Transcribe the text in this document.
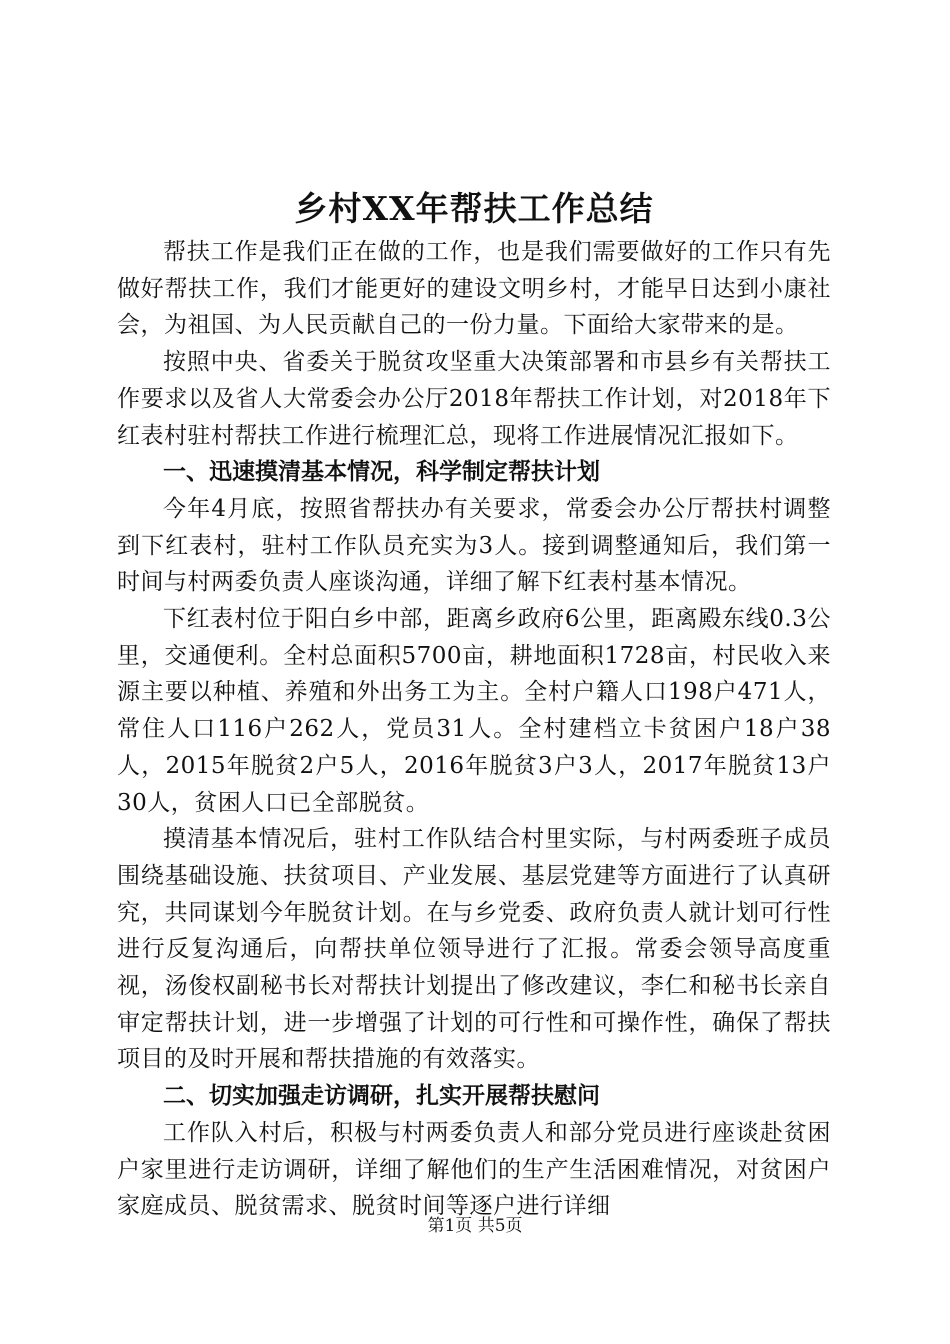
乡村XX年帮扶工作总结

帮扶工作是我们正在做的工作，也是我们需要做好的工作只有先做好帮扶工作，我们才能更好的建设文明乡村，才能早日达到小康社会，为祖国、为人民贡献自己的一份力量。下面给大家带来的是。

按照中央、省委关于脱贫攻坚重大决策部署和市县乡有关帮扶工作要求以及省人大常委会办公厅2018年帮扶工作计划，对2018年下红表村驻村帮扶工作进行梳理汇总，现将工作进展情况汇报如下。

一、迅速摸清基本情况，科学制定帮扶计划

今年4月底，按照省帮扶办有关要求，常委会办公厅帮扶村调整到下红表村，驻村工作队员充实为3人。接到调整通知后，我们第一时间与村两委负责人座谈沟通，详细了解下红表村基本情况。

下红表村位于阳白乡中部，距离乡政府6公里，距离殿东线0.3公里，交通便利。全村总面积5700亩，耕地面积1728亩，村民收入来源主要以种植、养殖和外出务工为主。全村户籍人口198户471人，常住人口116户262人，党员31人。全村建档立卡贫困户18户38人，2015年脱贫2户5人，2016年脱贫3户3人，2017年脱贫13户30人，贫困人口已全部脱贫。

摸清基本情况后，驻村工作队结合村里实际，与村两委班子成员围绕基础设施、扶贫项目、产业发展、基层党建等方面进行了认真研究，共同谋划今年脱贫计划。在与乡党委、政府负责人就计划可行性进行反复沟通后，向帮扶单位领导进行了汇报。常委会领导高度重视，汤俊权副秘书长对帮扶计划提出了修改建议，李仁和秘书长亲自审定帮扶计划，进一步增强了计划的可行性和可操作性，确保了帮扶项目的及时开展和帮扶措施的有效落实。

二、切实加强走访调研，扎实开展帮扶慰问

工作队入村后，积极与村两委负责人和部分党员进行座谈赴贫困户家里进行走访调研，详细了解他们的生产生活困难情况，对贫困户家庭成员、脱贫需求、脱贫时间等逐户进行详细

第1页 共5页
